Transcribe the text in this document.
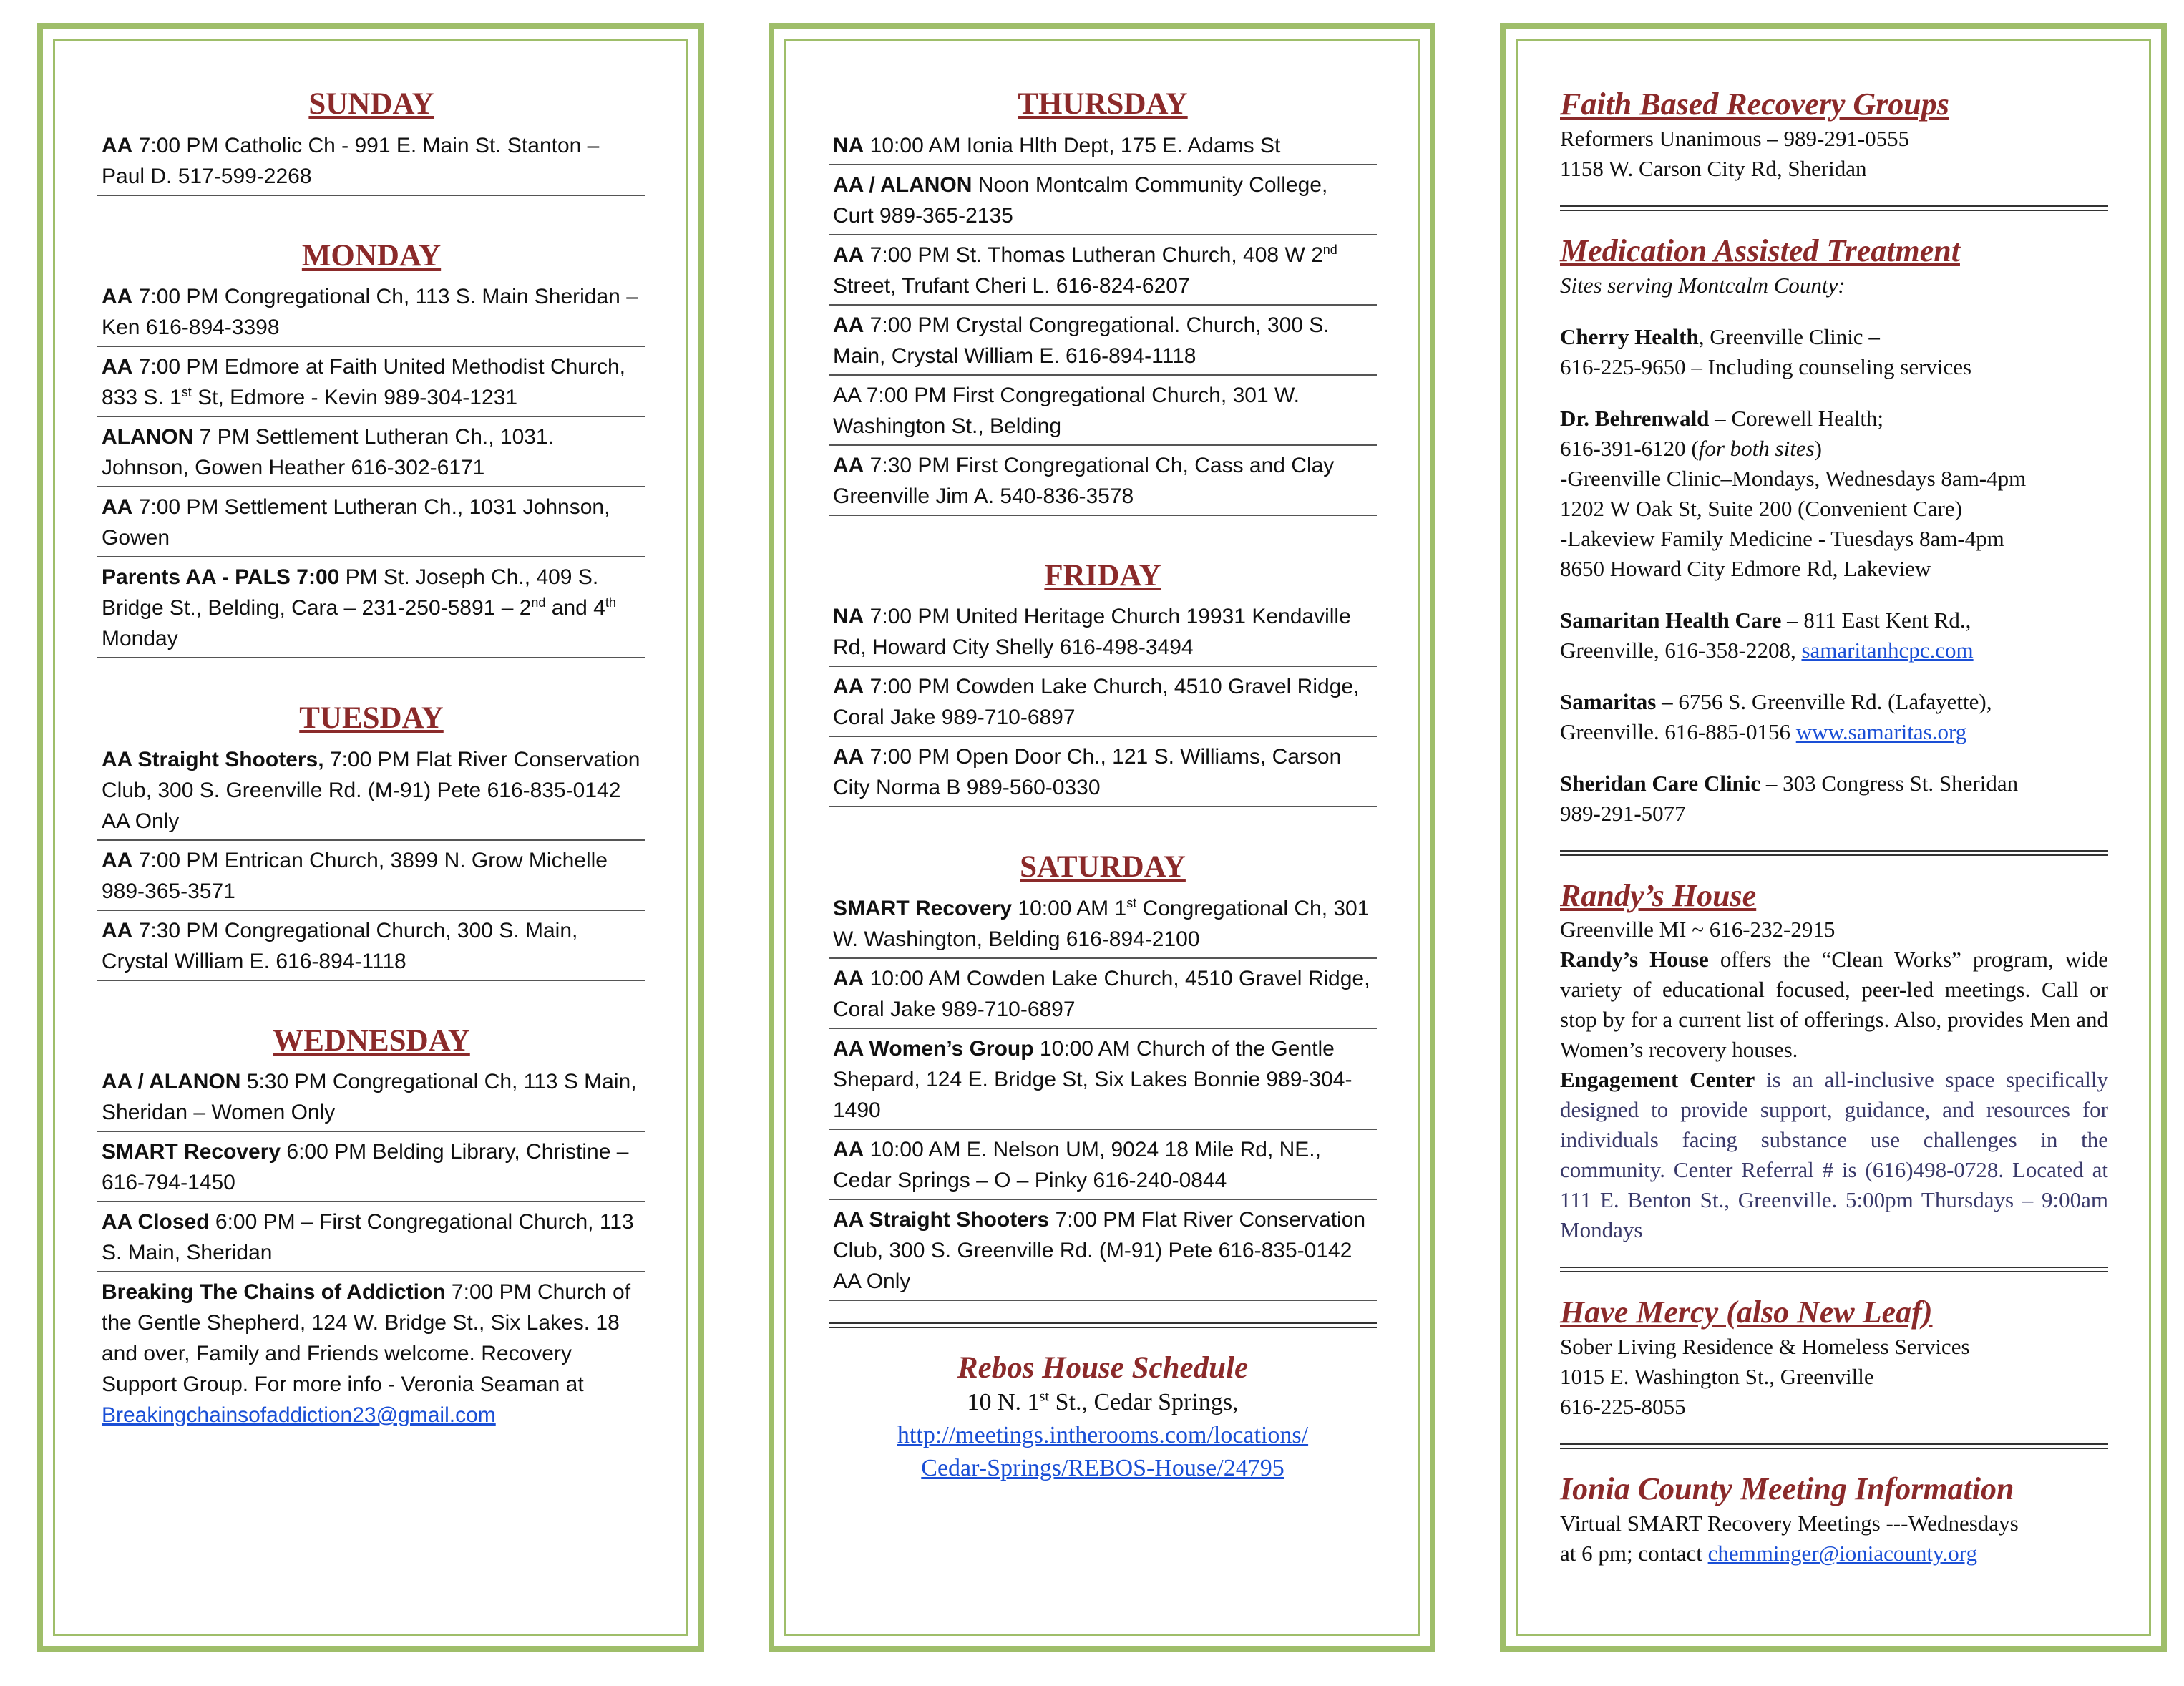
SUNDAY
AA 7:00 PM Catholic Ch - 991 E. Main St. Stanton – Paul D. 517-599-2268
MONDAY
AA 7:00 PM Congregational Ch, 113 S. Main Sheridan – Ken 616-894-3398
AA 7:00 PM Edmore at Faith United Methodist Church, 833 S. 1st St, Edmore - Kevin 989-304-1231
ALANON 7 PM Settlement Lutheran Ch., 1031. Johnson, Gowen Heather 616-302-6171
AA 7:00 PM Settlement Lutheran Ch., 1031 Johnson, Gowen
Parents AA - PALS 7:00 PM St. Joseph Ch., 409 S. Bridge St., Belding, Cara – 231-250-5891 – 2nd and 4th Monday
TUESDAY
AA Straight Shooters, 7:00 PM Flat River Conservation Club, 300 S. Greenville Rd. (M-91) Pete 616-835-0142 AA Only
AA 7:00 PM Entrican Church, 3899 N. Grow Michelle 989-365-3571
AA 7:30 PM Congregational Church, 300 S. Main, Crystal William E. 616-894-1118
WEDNESDAY
AA / ALANON 5:30 PM Congregational Ch, 113 S Main, Sheridan – Women Only
SMART Recovery 6:00 PM Belding Library, Christine – 616-794-1450
AA Closed 6:00 PM – First Congregational Church, 113 S. Main, Sheridan
Breaking The Chains of Addiction 7:00 PM Church of the Gentle Shepherd, 124 W. Bridge St., Six Lakes. 18 and over, Family and Friends welcome. Recovery Support Group. For more info - Veronia Seaman at Breakingchainsofaddiction23@gmail.com
THURSDAY
NA 10:00 AM Ionia Hlth Dept, 175 E. Adams St
AA / ALANON Noon Montcalm Community College, Curt 989-365-2135
AA 7:00 PM St. Thomas Lutheran Church, 408 W 2nd Street, Trufant Cheri L. 616-824-6207
AA 7:00 PM Crystal Congregational. Church, 300 S. Main, Crystal William E. 616-894-1118
AA 7:00 PM First Congregational Church, 301 W. Washington St., Belding
AA 7:30 PM First Congregational Ch, Cass and Clay Greenville Jim A. 540-836-3578
FRIDAY
NA 7:00 PM United Heritage Church 19931 Kendaville Rd, Howard City Shelly 616-498-3494
AA 7:00 PM Cowden Lake Church, 4510 Gravel Ridge, Coral Jake 989-710-6897
AA 7:00 PM Open Door Ch., 121 S. Williams, Carson City Norma B 989-560-0330
SATURDAY
SMART Recovery 10:00 AM 1st Congregational Ch, 301 W. Washington, Belding 616-894-2100
AA 10:00 AM Cowden Lake Church, 4510 Gravel Ridge, Coral Jake 989-710-6897
AA Women’s Group 10:00 AM Church of the Gentle Shepard, 124 E. Bridge St, Six Lakes Bonnie 989-304-1490
AA 10:00 AM E. Nelson UM, 9024 18 Mile Rd, NE., Cedar Springs – O – Pinky 616-240-0844
AA Straight Shooters 7:00 PM Flat River Conservation Club, 300 S. Greenville Rd. (M-91) Pete 616-835-0142 AA Only
Rebos House Schedule
10 N. 1st St., Cedar Springs,
http://meetings.intherooms.com/locations/
Cedar-Springs/REBOS-House/24795
Faith Based Recovery Groups

Reformers Unanimous – 989-291-0555

1158 W. Carson City Rd, Sheridan

Medication Assisted Treatment

Sites serving Montcalm County:

Cherry Health, Greenville Clinic –

616-225-9650 – Including counseling services

Dr. Behrenwald – Corewell Health;

616-391-6120 (for both sites)

-Greenville Clinic–Mondays, Wednesdays 8am-4pm

1202 W Oak St, Suite 200 (Convenient Care)

-Lakeview Family Medicine - Tuesdays 8am-4pm

8650 Howard City Edmore Rd, Lakeview

Samaritan Health Care – 811 East Kent Rd.,

Greenville, 616-358-2208, samaritanhcpc.com

Samaritas – 6756 S. Greenville Rd. (Lafayette),

Greenville. 616-885-0156 www.samaritas.org

Sheridan Care Clinic – 303 Congress St. Sheridan

989-291-5077

Randy’s House

Greenville MI ~ 616-232-2915

Randy’s House offers the “Clean Works” program, wide variety of educational focused, peer-led meetings. Call or stop by for a current list of offerings. Also, provides Men and Women’s recovery houses.

Engagement Center is an all-inclusive space specifically designed to provide support, guidance, and resources for individuals facing substance use challenges in the community. Center Referral # is (616)498-0728. Located at 111 E. Benton St., Greenville. 5:00pm Thursdays – 9:00am Mondays

Have Mercy (also New Leaf)

Sober Living Residence & Homeless Services

1015 E. Washington St., Greenville

616-225-8055

Ionia County Meeting Information

Virtual SMART Recovery Meetings ---Wednesdays

at 6 pm; contact chemminger@ioniacounty.org
